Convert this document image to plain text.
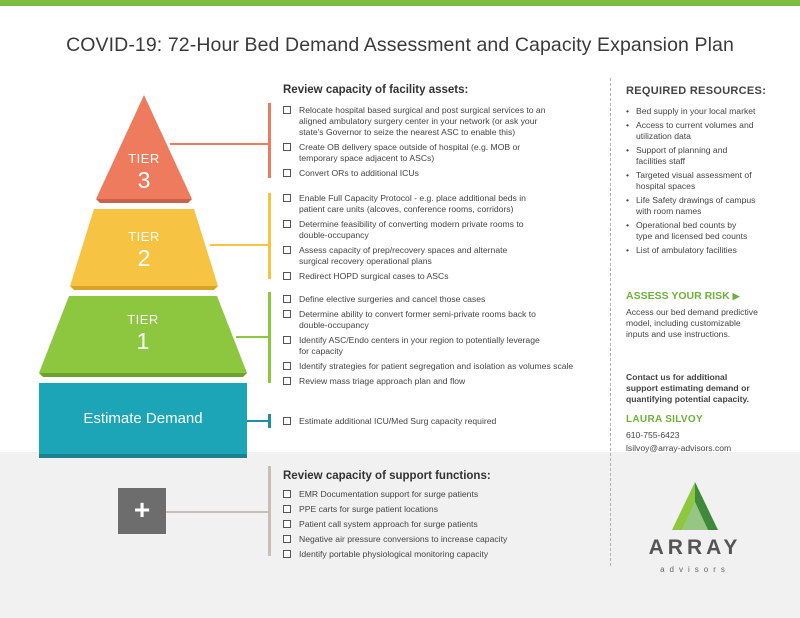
COVID-19: 72-Hour Bed Demand Assessment and Capacity Expansion Plan
TIER
3
TIER
2
TIER
1
Estimate Demand
+
Review capacity of facility assets:
Relocate hospital based surgical and post surgical services to an
aligned ambulatory surgery center in your network (or ask your
state's Governor to seize the nearest ASC to enable this)
Create OB delivery space outside of hospital (e.g. MOB or
temporary space adjacent to ASCs)
Convert ORs to additional ICUs
Enable Full Capacity Protocol - e.g. place additional beds in
patient care units (alcoves, conference rooms, corridors)
Determine feasibility of converting modern private rooms to
double-occupancy
Assess capacity of prep/recovery spaces and alternate
surgical recovery operational plans
Redirect HOPD surgical cases to ASCs
Define elective surgeries and cancel those cases
Determine ability to convert former semi-private rooms back to
double-occupancy
Identify ASC/Endo centers in your region to potentially leverage
for capacity
Identify strategies for patient segregation and isolation as volumes scale
Review mass triage approach plan and flow
Estimate additional ICU/Med Surg capacity required
Review capacity of support functions:
EMR Documentation support for surge patients
PPE carts for surge patient locations
Patient call system approach for surge patients
Negative air pressure conversions to increase capacity
Identify portable physiological monitoring capacity
REQUIRED RESOURCES:
• Bed supply in your local market
• Access to current volumes and
utilization data
• Support of planning and
facilities staff
• Targeted visual assessment of
hospital spaces
• Life Safety drawings of campus
with room names
• Operational bed counts by
type and licensed bed counts
• List of ambulatory facilities
ASSESS YOUR RISK ▶
Access our bed demand predictive
model, including customizable
inputs and use instructions.
Contact us for additional
support estimating demand or
quantifying potential capacity.
LAURA SILVOY
610-755-6423
lsilvoy@array-advisors.com
ARRAY
advisors
